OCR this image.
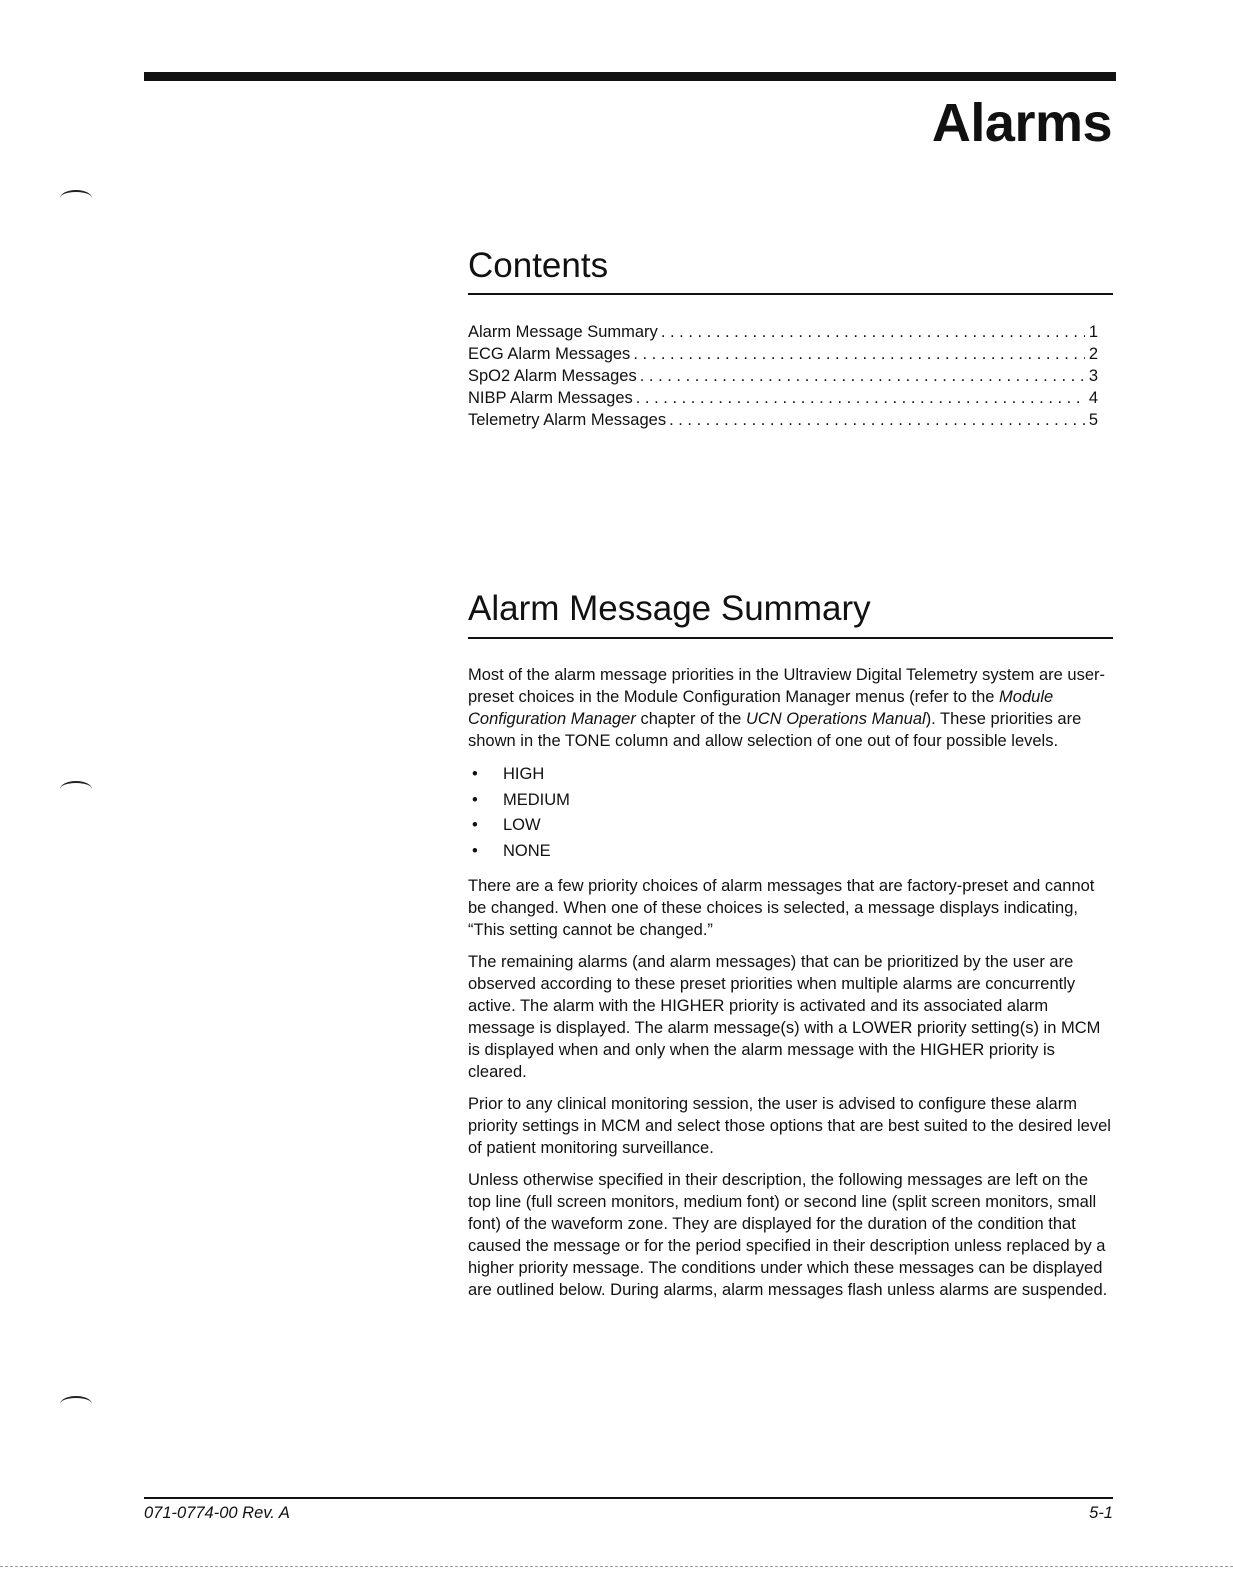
Alarms
Contents
Alarm Message Summary . . .	1
ECG Alarm Messages . . .	2
SpO2 Alarm Messages . . .	3
NIBP Alarm Messages . . .	4
Telemetry Alarm Messages . . .	5
Alarm Message Summary

Most of the alarm message priorities in the Ultraview Digital Telemetry system are user-preset choices in the Module Configuration Manager menus (refer to the Module Configuration Manager chapter of the UCN Operations Manual). These priorities are shown in the TONE column and allow selection of one out of four possible levels.

• HIGH
• MEDIUM
• LOW
• NONE

There are a few priority choices of alarm messages that are factory-preset and cannot be changed. When one of these choices is selected, a message displays indicating, “This setting cannot be changed.”

The remaining alarms (and alarm messages) that can be prioritized by the user are observed according to these preset priorities when multiple alarms are concurrently active. The alarm with the HIGHER priority is activated and its associated alarm message is displayed. The alarm message(s) with a LOWER priority setting(s) in MCM is displayed when and only when the alarm message with the HIGHER priority is cleared.

Prior to any clinical monitoring session, the user is advised to configure these alarm priority settings in MCM and select those options that are best suited to the desired level of patient monitoring surveillance.

Unless otherwise specified in their description, the following messages are left on the top line (full screen monitors, medium font) or second line (split screen monitors, small font) of the waveform zone. They are displayed for the duration of the condition that caused the message or for the period specified in their description unless replaced by a higher priority message. The conditions under which these messages can be displayed are outlined below. During alarms, alarm messages flash unless alarms are suspended.

071-0774-00 Rev. A	5-1
